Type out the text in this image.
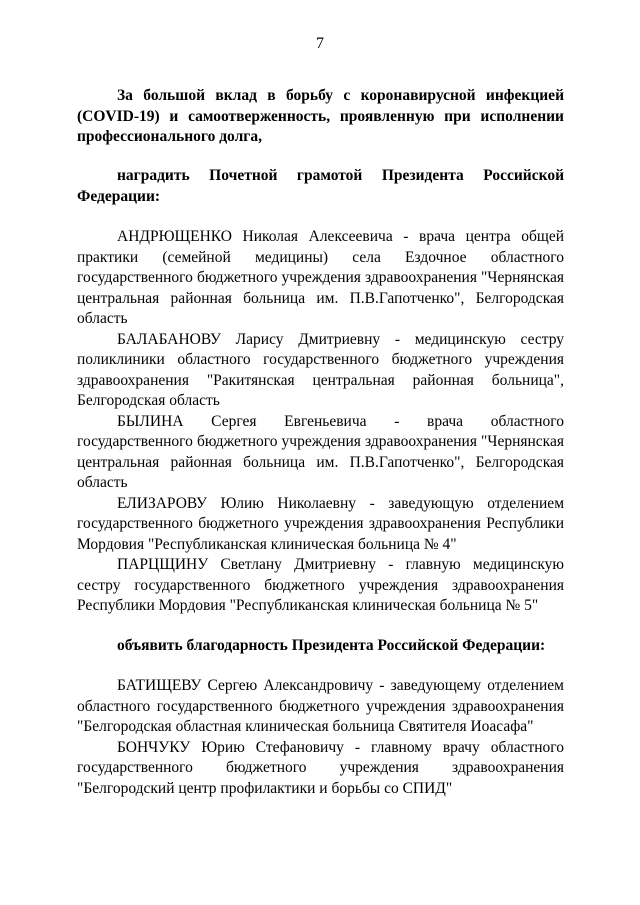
7

За большой вклад в борьбу с коронавирусной инфекцией (COVID-19) и самоотверженность, проявленную при исполнении профессионального долга,

наградить Почетной грамотой Президента Российской Федерации:

АНДРЮЩЕНКО Николая Алексеевича - врача центра общей практики (семейной медицины) села Ездочное областного государственного бюджетного учреждения здравоохранения "Чернянская центральная районная больница им. П.В.Гапотченко", Белгородская область

БАЛАБАНОВУ Ларису Дмитриевну - медицинскую сестру поликлиники областного государственного бюджетного учреждения здравоохранения "Ракитянская центральная районная больница", Белгородская область

БЫЛИНА Сергея Евгеньевича - врача областного государственного бюджетного учреждения здравоохранения "Чернянская центральная районная больница им. П.В.Гапотченко", Белгородская область

ЕЛИЗАРОВУ Юлию Николаевну - заведующую отделением государственного бюджетного учреждения здравоохранения Республики Мордовия "Республиканская клиническая больница № 4"

ПАРЦЩИНУ Светлану Дмитриевну - главную медицинскую сестру государственного бюджетного учреждения здравоохранения Республики Мордовия "Республиканская клиническая больница № 5"

объявить благодарность Президента Российской Федерации:

БАТИЩЕВУ Сергею Александровичу - заведующему отделением областного государственного бюджетного учреждения здравоохранения "Белгородская областная клиническая больница Святителя Иоасафа"

БОНЧУКУ Юрию Стефановичу - главному врачу областного государственного бюджетного учреждения здравоохранения "Белгородский центр профилактики и борьбы со СПИД"
